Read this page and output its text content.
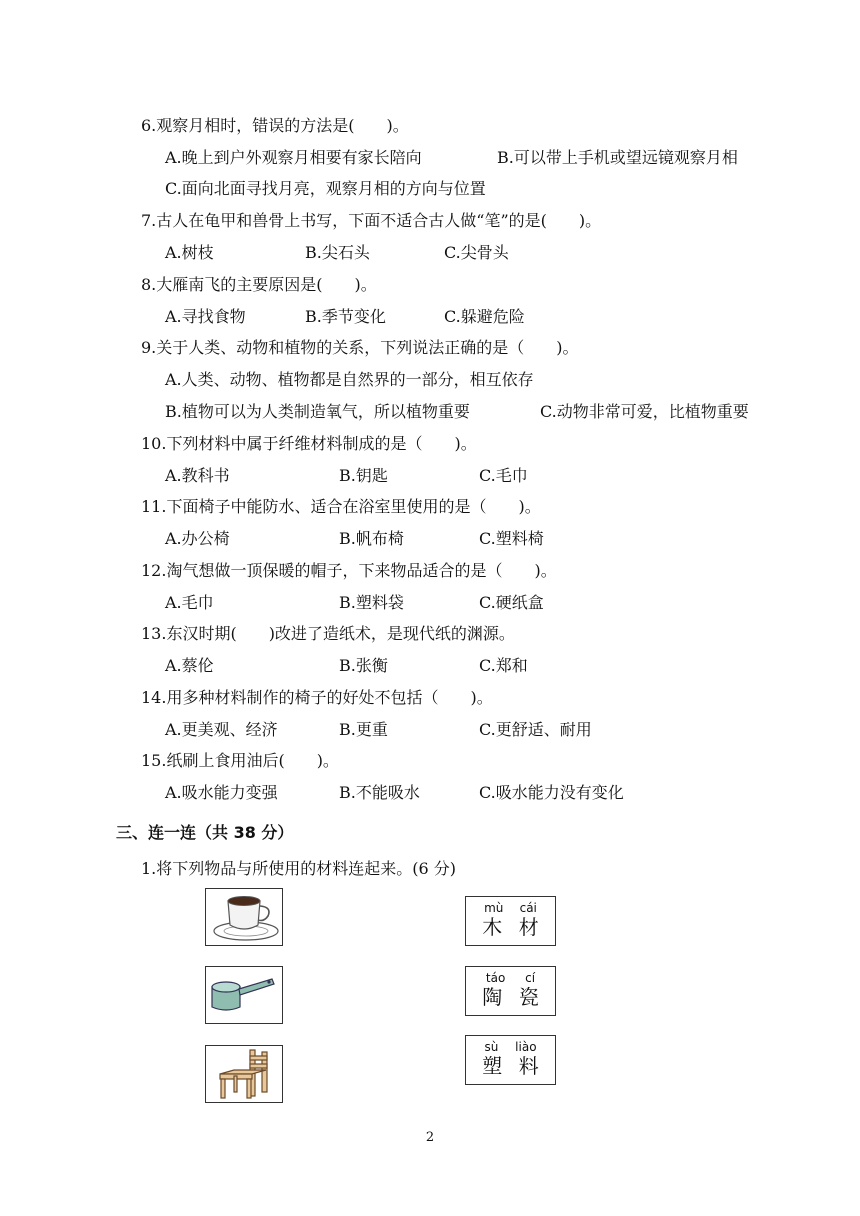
6.观察月相时，错误的方法是(　　)。
A.晚上到户外观察月相要有家长陪向	B.可以带上手机或望远镜观察月相
C.面向北面寻找月亮，观察月相的方向与位置
7.古人在龟甲和兽骨上书写，下面不适合古人做“笔”的是(　　)。
A.树枝	B.尖石头	C.尖骨头
8.大雁南飞的主要原因是(　　)。
A.寻找食物	B.季节变化	C.躲避危险
9.关于人类、动物和植物的关系，下列说法正确的是（　　)。
A.人类、动物、植物都是自然界的一部分，相互依存
B.植物可以为人类制造氧气，所以植物重要	C.动物非常可爱，比植物重要
10.下列材料中属于纤维材料制成的是（　　)。
A.教科书	B.钥匙	C.毛巾
11.下面椅子中能防水、适合在浴室里使用的是（　　)。
A.办公椅	B.帆布椅	C.塑料椅
12.淘气想做一顶保暖的帽子，下来物品适合的是（　　)。
A.毛巾	B.塑料袋	C.硬纸盒
13.东汉时期(　　)改进了造纸术，是现代纸的渊源。
A.蔡伦	B.张衡	C.郑和
14.用多种材料制作的椅子的好处不包括（　　)。
A.更美观、经济	B.更重	C.更舒适、耐用
15.纸刷上食用油后(　　)。
A.吸水能力变强	B.不能吸水	C.吸水能力没有变化
三、连一连（共 38 分）
1.将下列物品与所使用的材料连起来。(6 分)
mù cái
木 材
táo cí
陶 瓷
sù liào
塑 料
2
